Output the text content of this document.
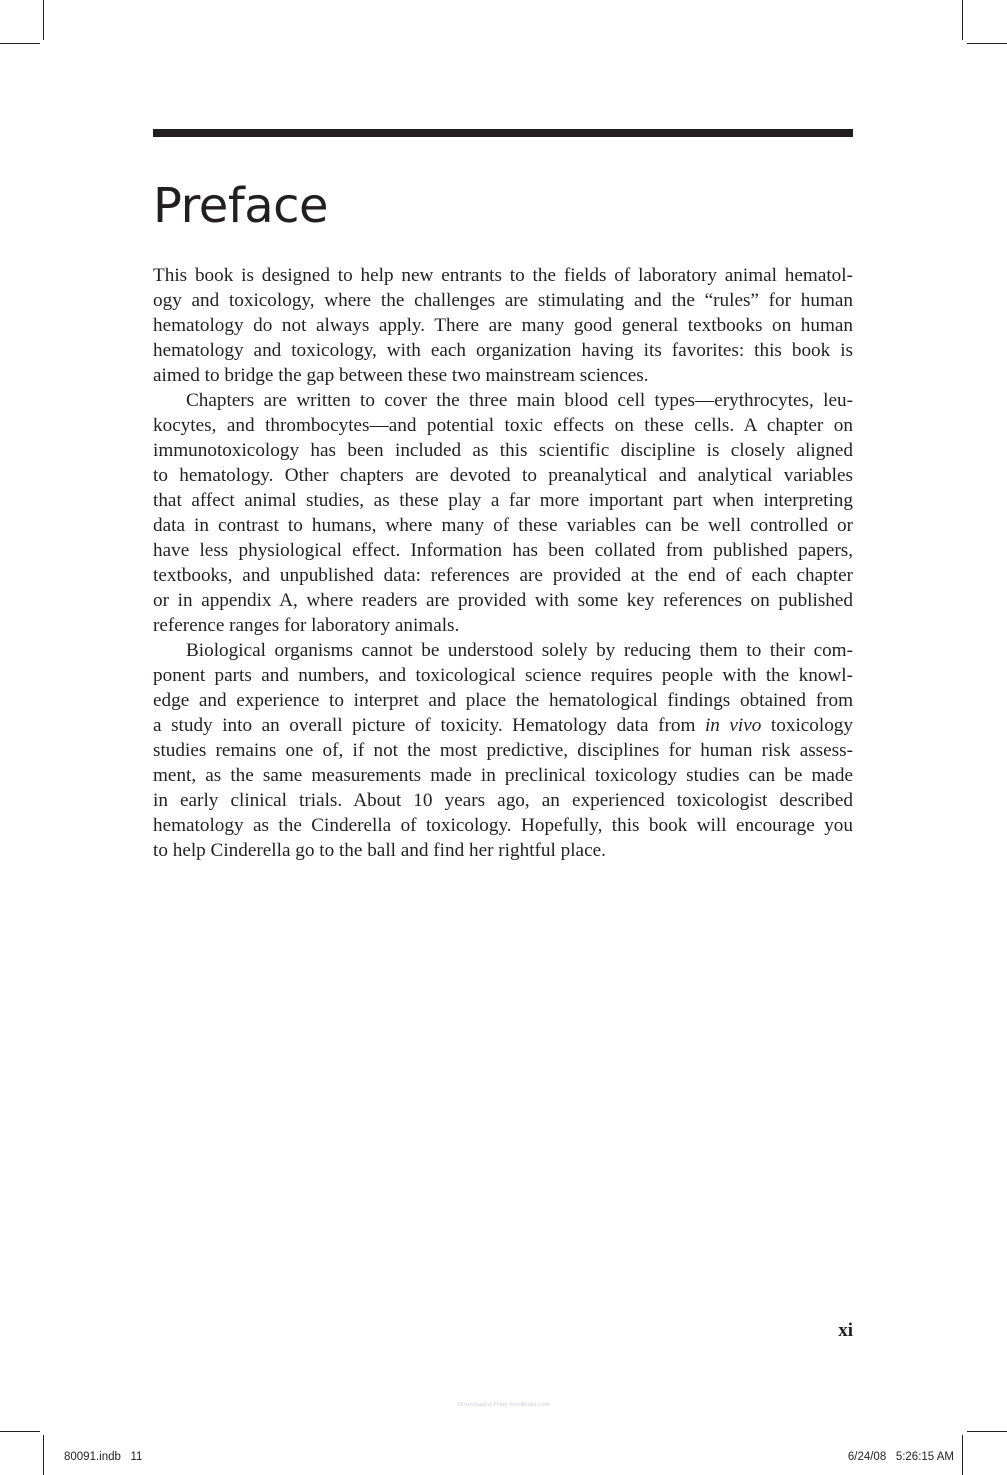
Preface

This book is designed to help new entrants to the fields of laboratory animal hematol-
ogy and toxicology, where the challenges are stimulating and the “rules” for human
hematology do not always apply. There are many good general textbooks on human
hematology and toxicology, with each organization having its favorites: this book is
aimed to bridge the gap between these two mainstream sciences.

Chapters are written to cover the three main blood cell types—erythrocytes, leu-
kocytes, and thrombocytes—and potential toxic effects on these cells. A chapter on
immunotoxicology has been included as this scientific discipline is closely aligned
to hematology. Other chapters are devoted to preanalytical and analytical variables
that affect animal studies, as these play a far more important part when interpreting
data in contrast to humans, where many of these variables can be well controlled or
have less physiological effect. Information has been collated from published papers,
textbooks, and unpublished data: references are provided at the end of each chapter
or in appendix A, where readers are provided with some key references on published
reference ranges for laboratory animals.

Biological organisms cannot be understood solely by reducing them to their com-
ponent parts and numbers, and toxicological science requires people with the knowl-
edge and experience to interpret and place the hematological findings obtained from
a study into an overall picture of toxicity. Hematology data from in vivo toxicology
studies remains one of, if not the most predictive, disciplines for human risk assess-
ment, as the same measurements made in preclinical toxicology studies can be made
in early clinical trials. About 10 years ago, an experienced toxicologist described
hematology as the Cinderella of toxicology. Hopefully, this book will encourage you
to help Cinderella go to the ball and find her rightful place.

xi
Downloaded From VeteBooks.com
80091.indb   11	6/24/08   5:26:15 AM
